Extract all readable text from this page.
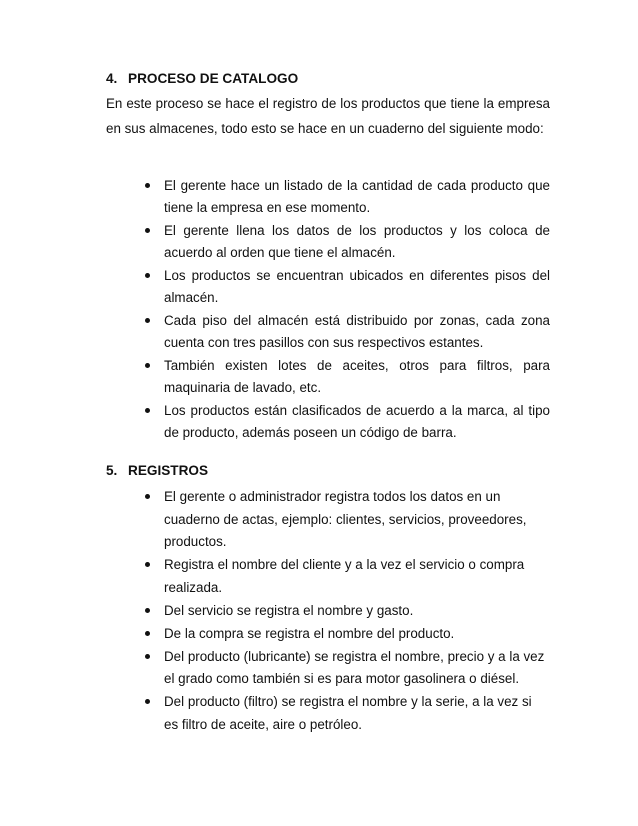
4. PROCESO DE CATALOGO

En este proceso se hace el registro de los productos que tiene la empresa en sus almacenes, todo esto se hace en un cuaderno del siguiente modo:

El gerente hace un listado de la cantidad de cada producto que tiene la empresa en ese momento.
El gerente llena los datos de los productos y los coloca de acuerdo al orden que tiene el almacén.
Los productos se encuentran ubicados en diferentes pisos del almacén.
Cada piso del almacén está distribuido por zonas, cada zona cuenta con tres pasillos con sus respectivos estantes.
También existen lotes de aceites, otros para filtros, para maquinaria de lavado, etc.
Los productos están clasificados de acuerdo a la marca, al tipo de producto, además poseen un código de barra.
5. REGISTROS
El gerente o administrador registra todos los datos en un cuaderno de actas, ejemplo: clientes, servicios, proveedores, productos.
Registra el nombre del cliente y a la vez el servicio o compra realizada.
Del servicio se registra el nombre y gasto.
De la compra se registra el nombre del producto.
Del producto (lubricante) se registra el nombre, precio y a la vez el grado como también si es para motor gasolinera o diésel.
Del producto (filtro) se registra el nombre y la serie, a la vez si es filtro de aceite, aire o petróleo.
